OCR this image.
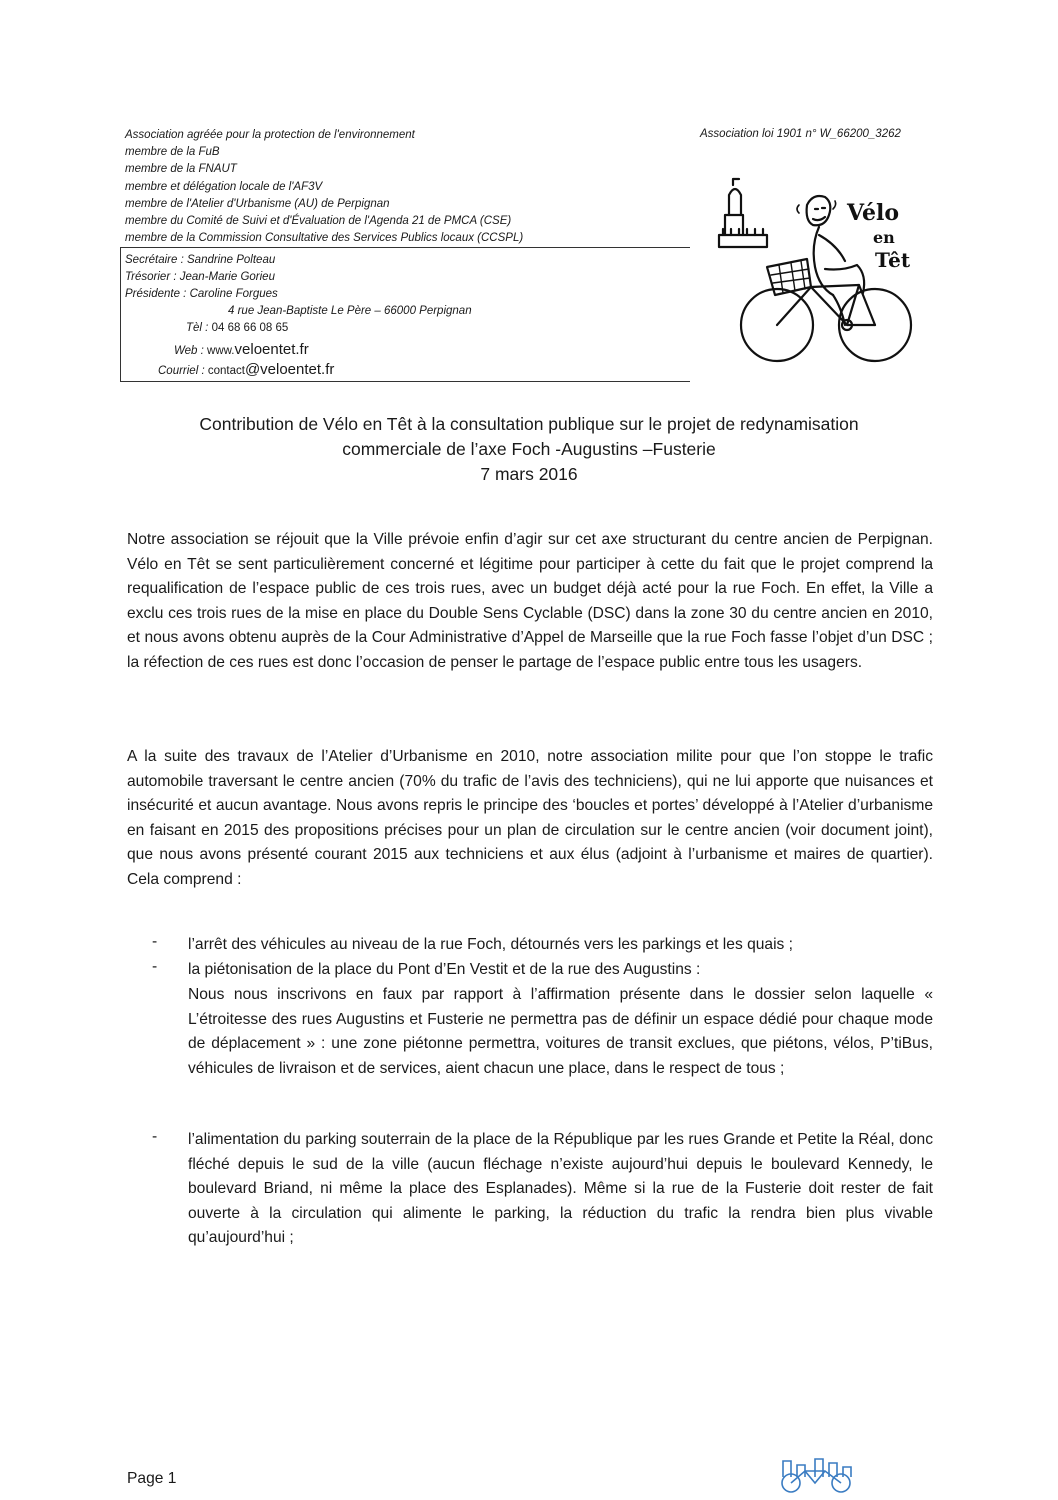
Association agréée pour la protection de l'environnement
membre de la FuB
membre de la FNAUT
membre et délégation locale de l'AF3V
membre de l'Atelier d'Urbanisme (AU) de Perpignan
membre du Comité de Suivi et d'Évaluation de l'Agenda 21 de PMCA (CSE)
membre de la Commission Consultative des Services Publics locaux (CCSPL)
Association loi 1901 n° W_66200_3262
Secrétaire : Sandrine Polteau
Trésorier : Jean-Marie Gorieu
Présidente : Caroline Forgues
4 rue Jean-Baptiste Le Père – 66000 Perpignan
Tèl : 04 68 66 08 65
Web : www.veloentet.fr
Courriel : contact@veloentet.fr
Vélo
en
Têt
Contribution de Vélo en Têt à la consultation publique sur le projet de redynamisation
commerciale de l’axe Foch -Augustins –Fusterie
7 mars 2016

Notre association se réjouit que la Ville prévoie enfin d’agir sur cet axe structurant du centre ancien de Perpignan. Vélo en Têt se sent particulièrement concerné et légitime pour participer à cette du fait que le projet comprend la requalification de l’espace public de ces trois rues, avec un budget déjà acté pour la rue Foch. En effet, la Ville a exclu ces trois rues de la mise en place du Double Sens Cyclable (DSC) dans la zone 30 du centre ancien en 2010, et nous avons obtenu auprès de la Cour Administrative d’Appel de Marseille que la rue Foch fasse l’objet d’un DSC ; la réfection de ces rues est donc l’occasion de penser le partage de l’espace public entre tous les usagers.

A la suite des travaux de l’Atelier d’Urbanisme en 2010, notre association milite pour que l’on stoppe le trafic automobile traversant le centre ancien (70% du trafic de l’avis des techniciens), qui ne lui apporte que nuisances et insécurité et aucun avantage. Nous avons repris le principe des ‘boucles et portes’ développé à l’Atelier d’urbanisme en faisant en 2015 des propositions précises pour un plan de circulation sur le centre ancien (voir document joint), que nous avons présenté courant 2015 aux techniciens et aux élus (adjoint à l’urbanisme et maires de quartier). Cela comprend :

- l’arrêt des véhicules au niveau de la rue Foch, détournés vers les parkings et les quais ;
- la piétonisation de la place du Pont d’En Vestit et de la rue des Augustins :
Nous nous inscrivons en faux par rapport à l’affirmation présente dans le dossier selon laquelle « L’étroitesse des rues Augustins et Fusterie ne permettra pas de définir un espace dédié pour chaque mode de déplacement » : une zone piétonne permettra, voitures de transit exclues, que piétons, vélos, P’tiBus, véhicules de livraison et de services, aient chacun une place, dans le respect de tous ;
- l’alimentation du parking souterrain de la place de la République par les rues Grande et Petite la Réal, donc fléché depuis le sud de la ville (aucun fléchage n’existe aujourd’hui depuis le boulevard Kennedy, le boulevard Briand, ni même la place des Esplanades). Même si la rue de la Fusterie doit rester de fait ouverte à la circulation qui alimente le parking, la réduction du trafic la rendra bien plus vivable qu’aujourd’hui ;
Page 1
